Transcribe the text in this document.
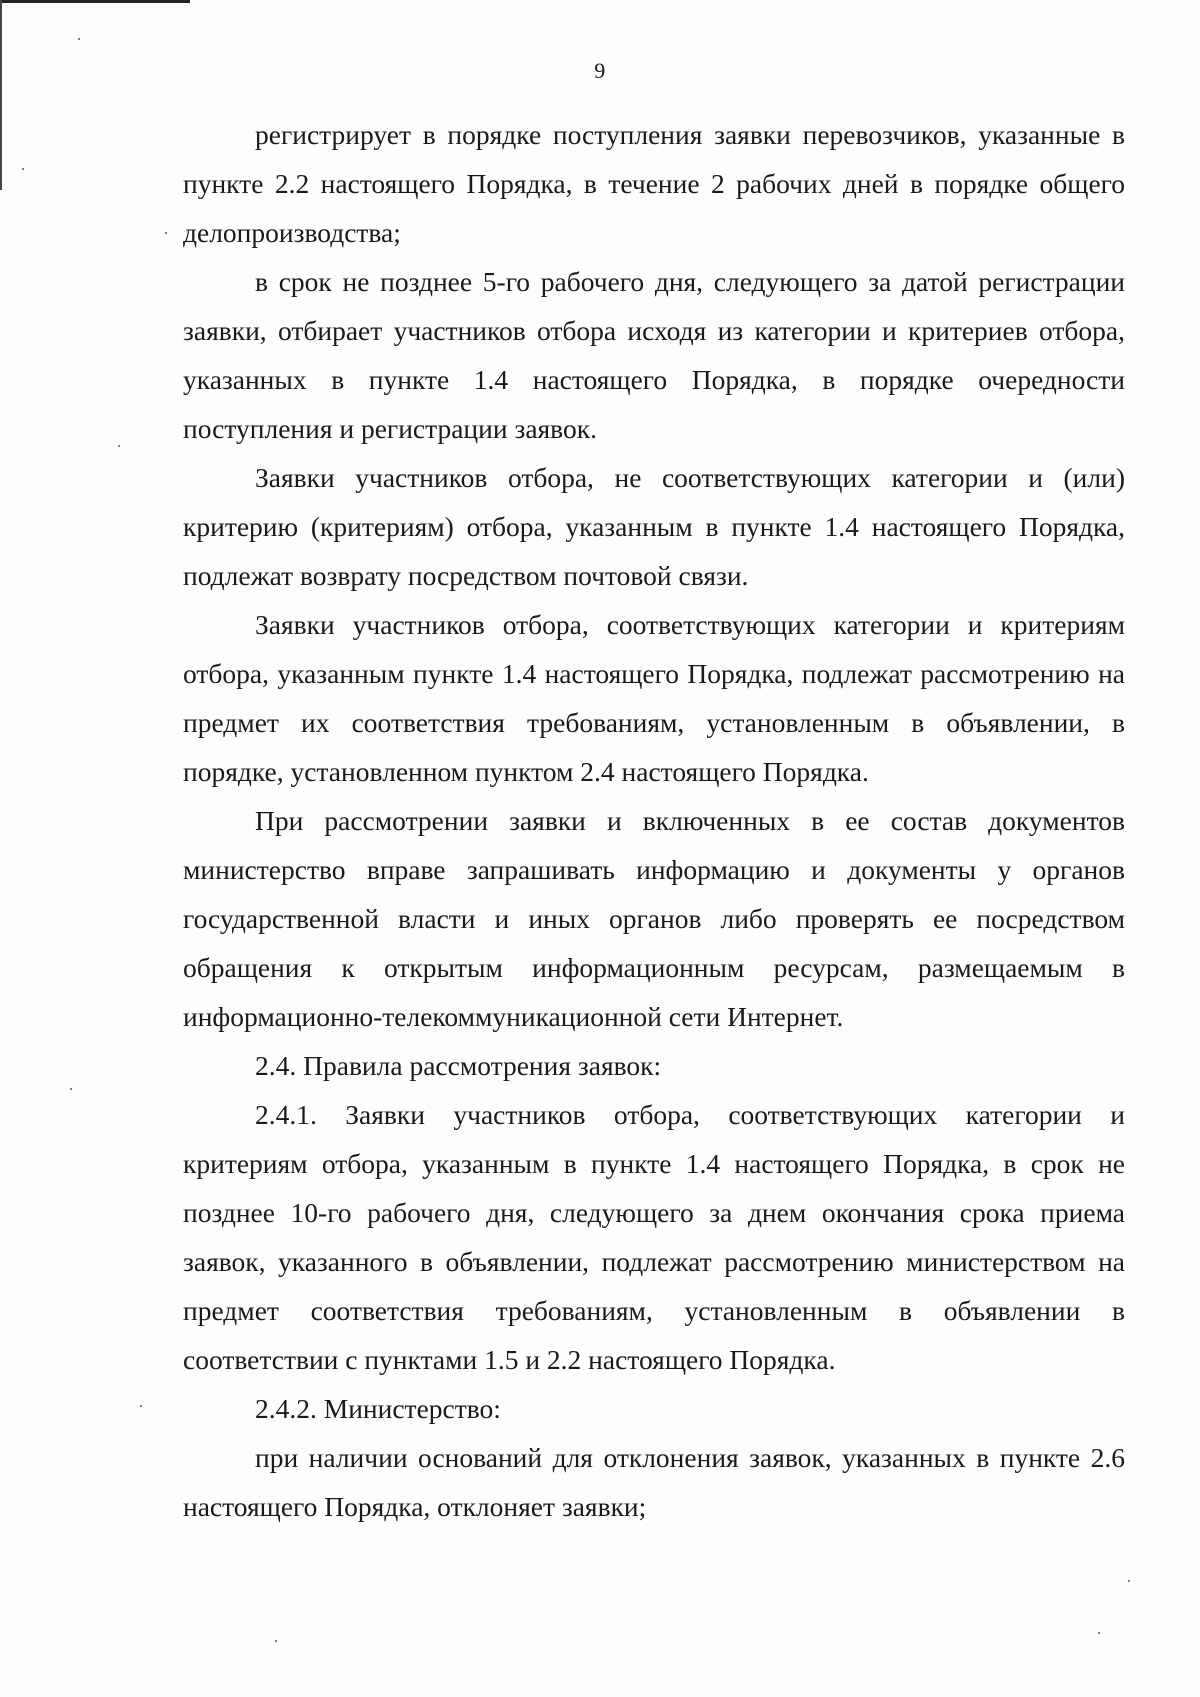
9

регистрирует в порядке поступления заявки перевозчиков, указанные в пункте 2.2 настоящего Порядка, в течение 2 рабочих дней в порядке общего делопроизводства;

в срок не позднее 5-го рабочего дня, следующего за датой регистрации заявки, отбирает участников отбора исходя из категории и критериев отбора, указанных в пункте 1.4 настоящего Порядка, в порядке очередности поступления и регистрации заявок.

Заявки участников отбора, не соответствующих категории и (или) критерию (критериям) отбора, указанным в пункте 1.4 настоящего Порядка, подлежат возврату посредством почтовой связи.

Заявки участников отбора, соответствующих категории и критериям отбора, указанным пункте 1.4 настоящего Порядка, подлежат рассмотрению на предмет их соответствия требованиям, установленным в объявлении, в порядке, установленном пунктом 2.4 настоящего Порядка.

При рассмотрении заявки и включенных в ее состав документов министерство вправе запрашивать информацию и документы у органов государственной власти и иных органов либо проверять ее посредством обращения к открытым информационным ресурсам, размещаемым в информационно-телекоммуникационной сети Интернет.

2.4. Правила рассмотрения заявок:

2.4.1. Заявки участников отбора, соответствующих категории и критериям отбора, указанным в пункте 1.4 настоящего Порядка, в срок не позднее 10-го рабочего дня, следующего за днем окончания срока приема заявок, указанного в объявлении, подлежат рассмотрению министерством на предмет соответствия требованиям, установленным в объявлении в соответствии с пунктами 1.5 и 2.2 настоящего Порядка.

2.4.2. Министерство:

при наличии оснований для отклонения заявок, указанных в пункте 2.6 настоящего Порядка, отклоняет заявки;
